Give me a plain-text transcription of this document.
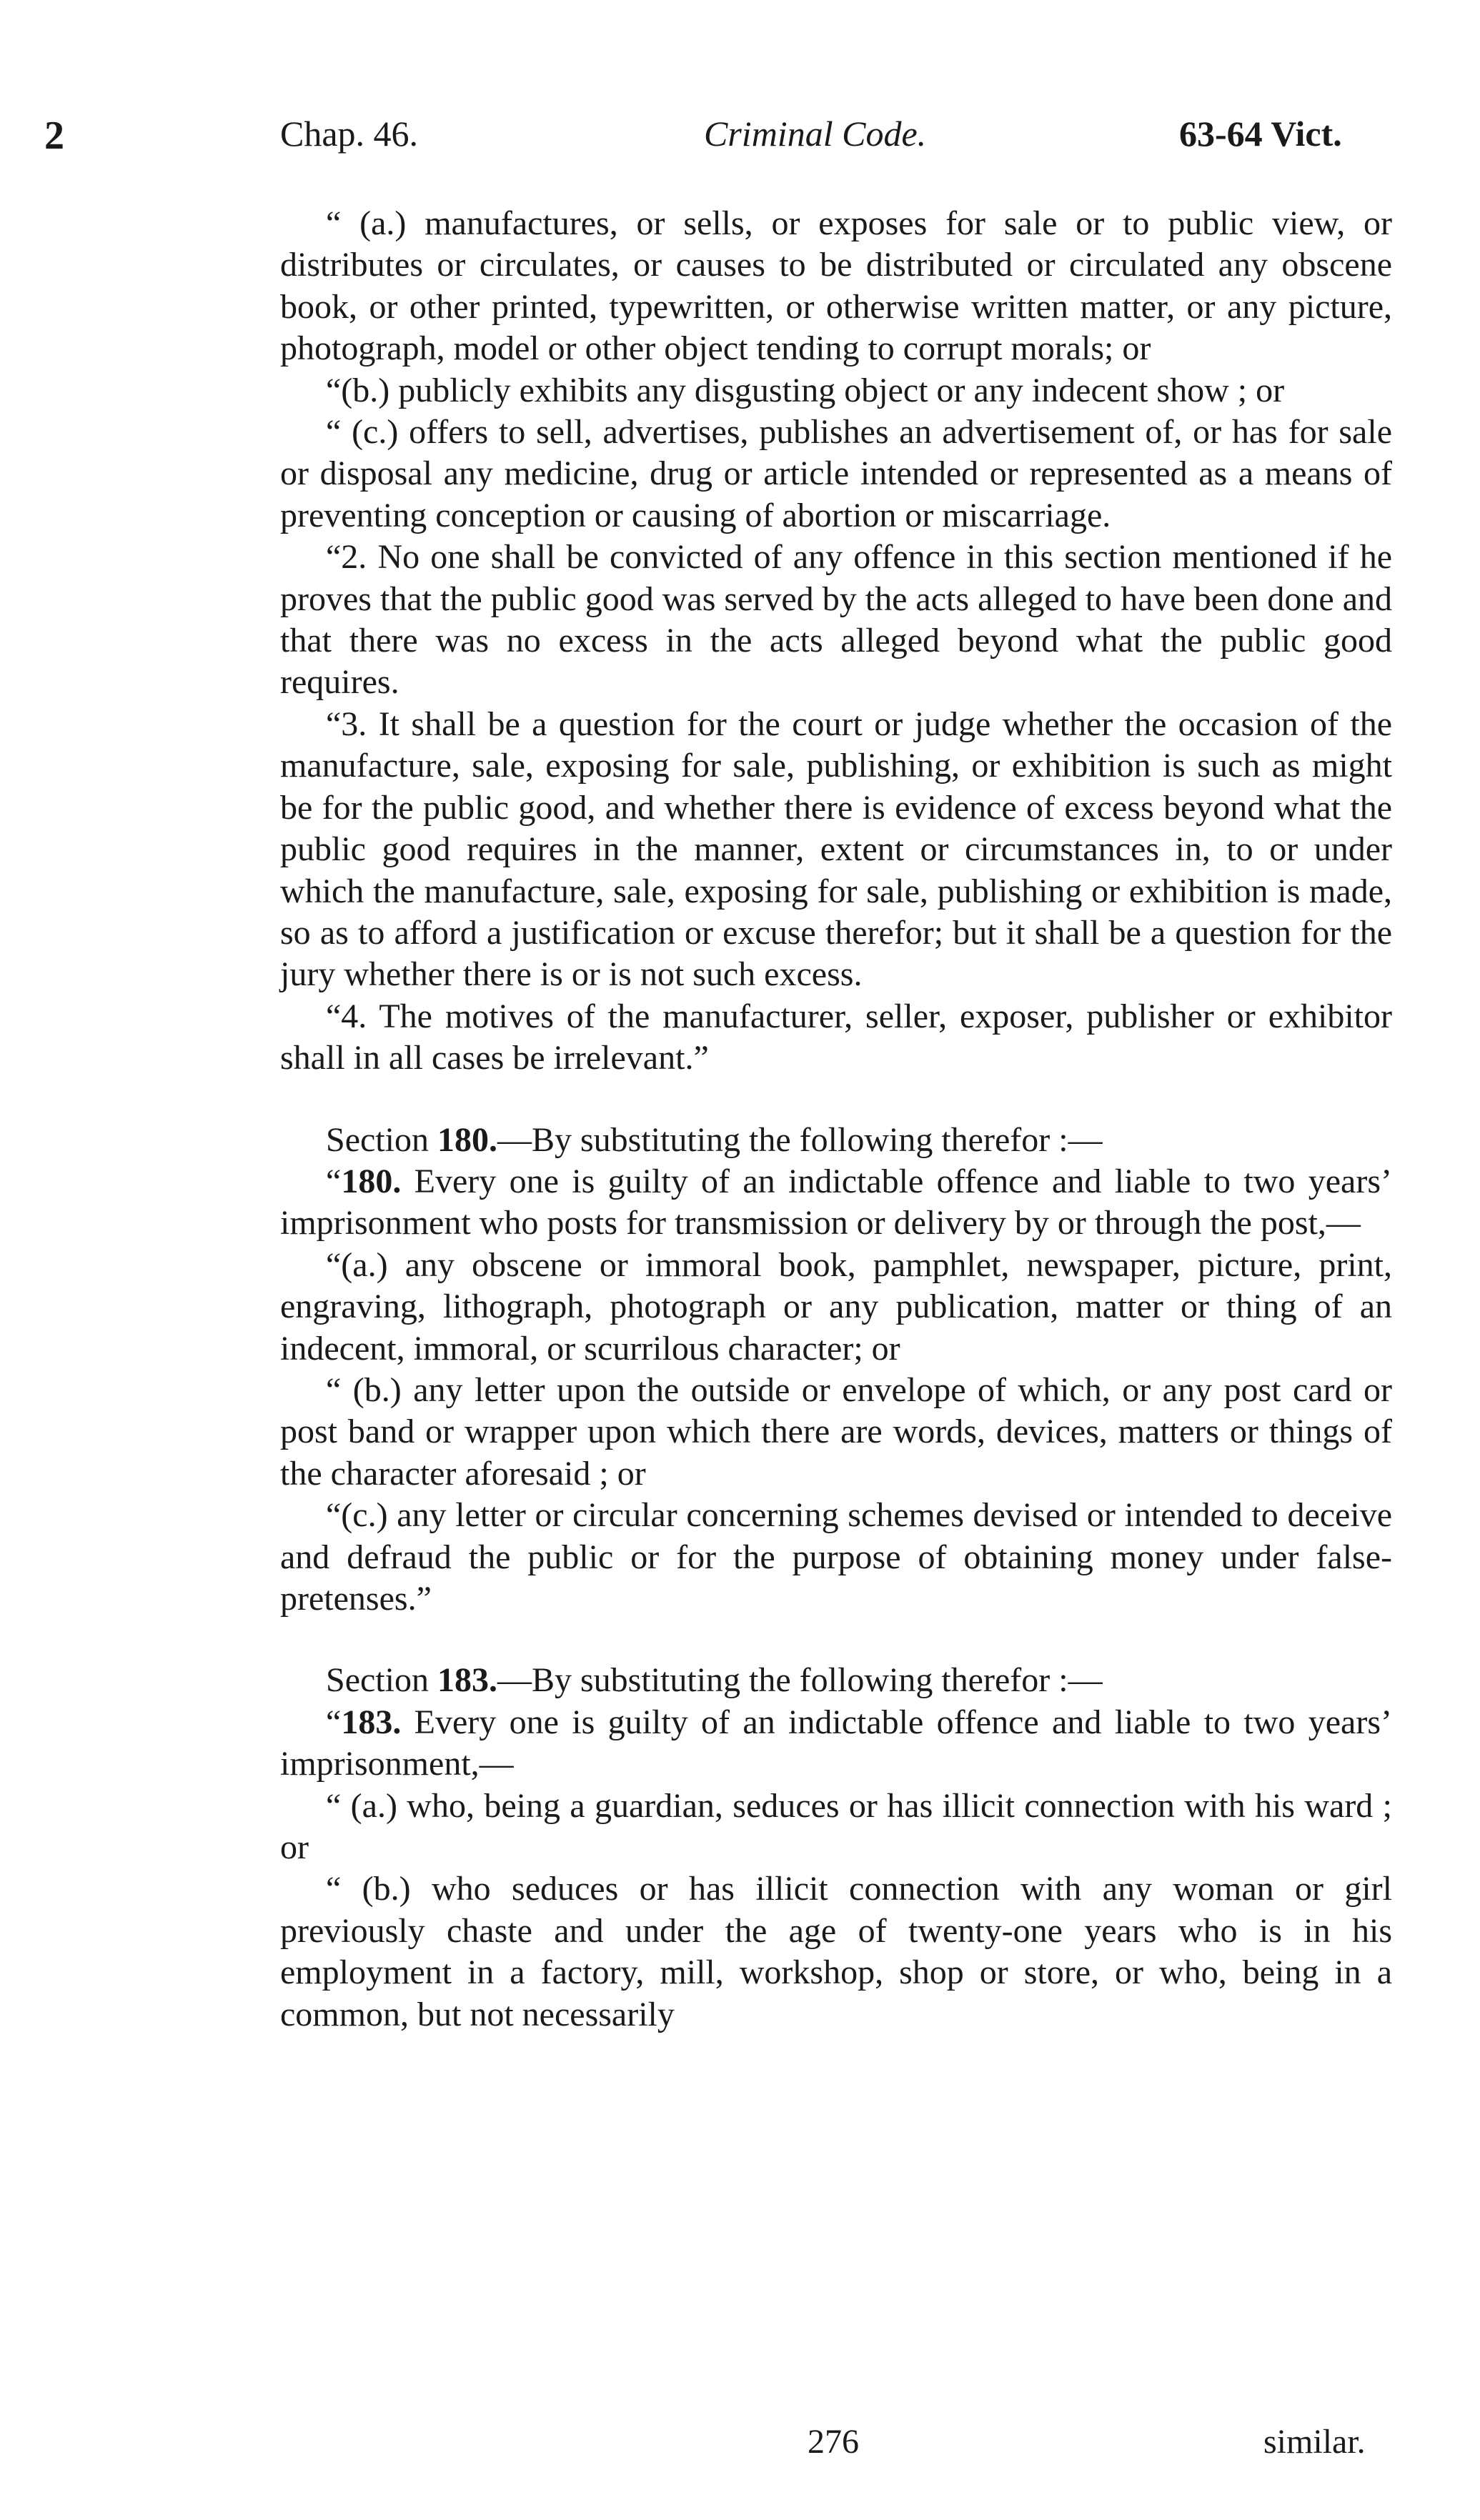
2	Chap. 46.	Criminal Code.	63-64 Vict.

“ (a.) manufactures, or sells, or exposes for sale or to public view, or distributes or circulates, or causes to be distributed or circulated any obscene book, or other printed, typewritten, or otherwise written matter, or any picture, photograph, model or other object tending to corrupt morals; or

“(b.) publicly exhibits any disgusting object or any indecent show ; or

“ (c.) offers to sell, advertises, publishes an advertisement of, or has for sale or disposal any medicine, drug or article intended or represented as a means of preventing conception or causing of abortion or miscarriage.

“2. No one shall be convicted of any offence in this section mentioned if he proves that the public good was served by the acts alleged to have been done and that there was no excess in the acts alleged beyond what the public good requires.

“3. It shall be a question for the court or judge whether the occasion of the manufacture, sale, exposing for sale, publishing, or exhibition is such as might be for the public good, and whether there is evidence of excess beyond what the public good requires in the manner, extent or circumstances in, to or under which the manufacture, sale, exposing for sale, publishing or exhibition is made, so as to afford a justification or excuse therefor; but it shall be a question for the jury whether there is or is not such excess.

“4. The motives of the manufacturer, seller, exposer, publisher or exhibitor shall in all cases be irrelevant.”

Section 180.—By substituting the following therefor :—

“180. Every one is guilty of an indictable offence and liable to two years’ imprisonment who posts for transmission or delivery by or through the post,—

“(a.) any obscene or immoral book, pamphlet, newspaper, picture, print, engraving, lithograph, photograph or any publication, matter or thing of an indecent, immoral, or scurrilous character; or

“ (b.) any letter upon the outside or envelope of which, or any post card or post band or wrapper upon which there are words, devices, matters or things of the character aforesaid ; or

“(c.) any letter or circular concerning schemes devised or intended to deceive and defraud the public or for the purpose of obtaining money under false-pretenses.”

Section 183.—By substituting the following therefor :—

“183. Every one is guilty of an indictable offence and liable to two years’ imprisonment,—

“ (a.) who, being a guardian, seduces or has illicit connection with his ward ; or

“ (b.) who seduces or has illicit connection with any woman or girl previously chaste and under the age of twenty-one years who is in his employment in a factory, mill, workshop, shop or store, or who, being in a common, but not necessarily

276	similar.
